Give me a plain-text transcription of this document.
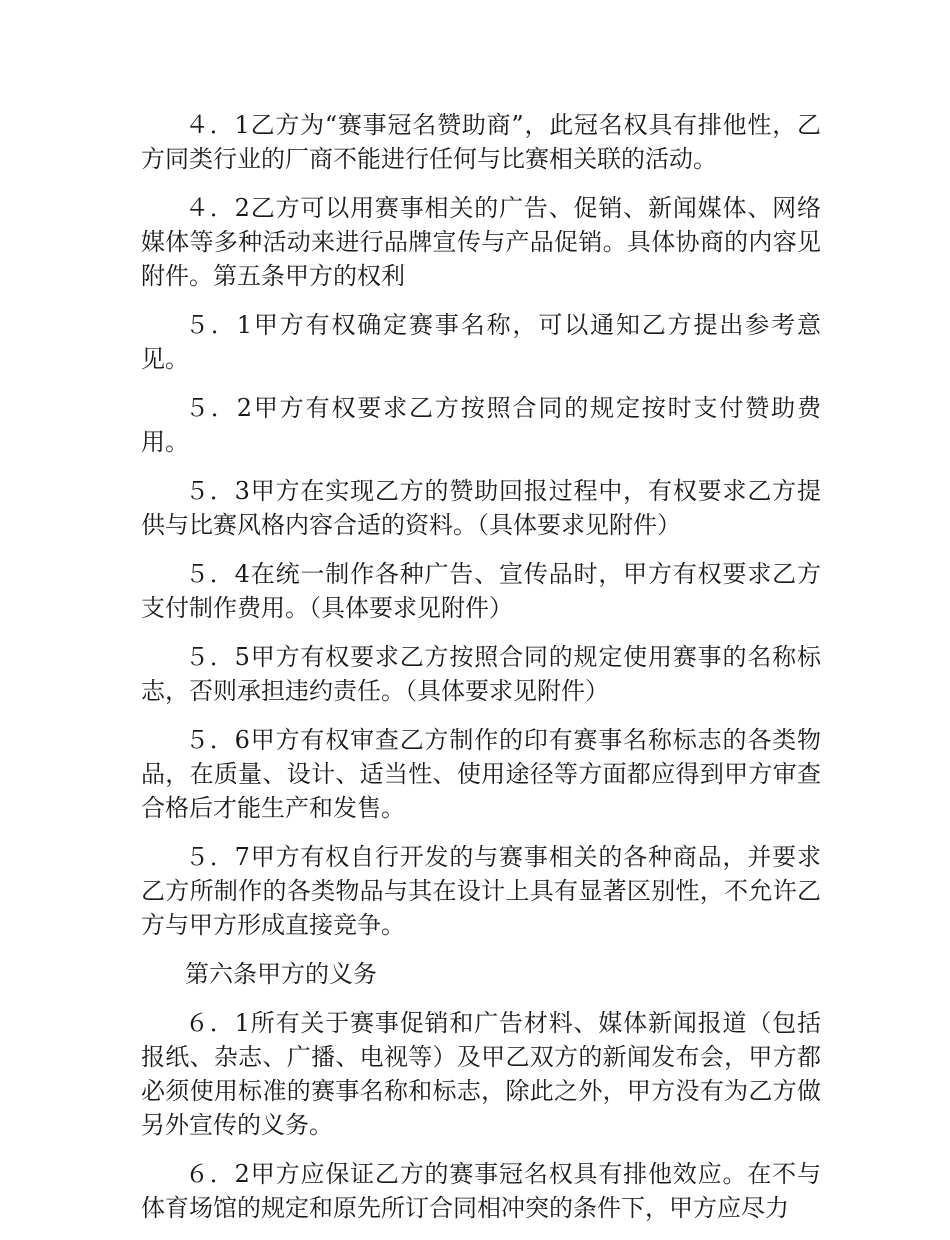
４．1乙方为“赛事冠名赞助商”，此冠名权具有排他性，乙方同类行业的厂商不能进行任何与比赛相关联的活动。

４．2乙方可以用赛事相关的广告、促销、新闻媒体、网络媒体等多种活动来进行品牌宣传与产品促销。具体协商的内容见附件。第五条甲方的权利

５．1甲方有权确定赛事名称，可以通知乙方提出参考意见。

５．2甲方有权要求乙方按照合同的规定按时支付赞助费用。

５．3甲方在实现乙方的赞助回报过程中，有权要求乙方提供与比赛风格内容合适的资料。（具体要求见附件）

５．4在统一制作各种广告、宣传品时，甲方有权要求乙方支付制作费用。（具体要求见附件）

５．5甲方有权要求乙方按照合同的规定使用赛事的名称标志，否则承担违约责任。（具体要求见附件）

５．6甲方有权审查乙方制作的印有赛事名称标志的各类物品，在质量、设计、适当性、使用途径等方面都应得到甲方审查合格后才能生产和发售。

５．7甲方有权自行开发的与赛事相关的各种商品，并要求乙方所制作的各类物品与其在设计上具有显著区别性，不允许乙方与甲方形成直接竞争。

第六条甲方的义务

６．1所有关于赛事促销和广告材料、媒体新闻报道（包括报纸、杂志、广播、电视等）及甲乙双方的新闻发布会，甲方都必须使用标准的赛事名称和标志，除此之外，甲方没有为乙方做另外宣传的义务。

６．2甲方应保证乙方的赛事冠名权具有排他效应。在不与体育场馆的规定和原先所订合同相冲突的条件下，甲方应尽力
